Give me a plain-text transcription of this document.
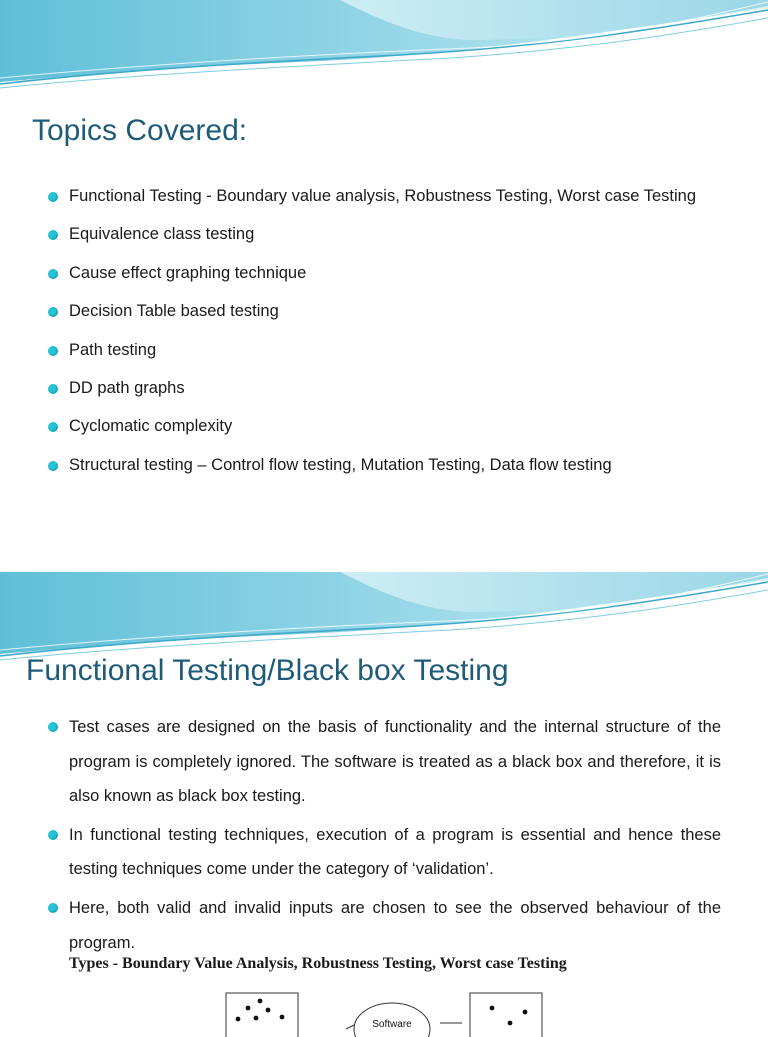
Topics Covered:
Functional Testing - Boundary value analysis, Robustness Testing, Worst case Testing
Equivalence class testing
Cause effect graphing technique
Decision Table based testing
Path testing
DD path graphs
Cyclomatic complexity
Structural testing – Control flow testing, Mutation Testing, Data flow testing
Functional Testing/Black box Testing
Test cases are designed on the basis of functionality and the internal structure of the program is completely ignored. The software is treated as a black box and therefore, it is also known as black box testing.
In functional testing techniques, execution of a program is essential and hence these testing techniques come under the category of ‘validation’.
Here, both valid and invalid inputs are chosen to see the observed behaviour of the program.
Types - Boundary Value Analysis, Robustness Testing, Worst case Testing
Software
